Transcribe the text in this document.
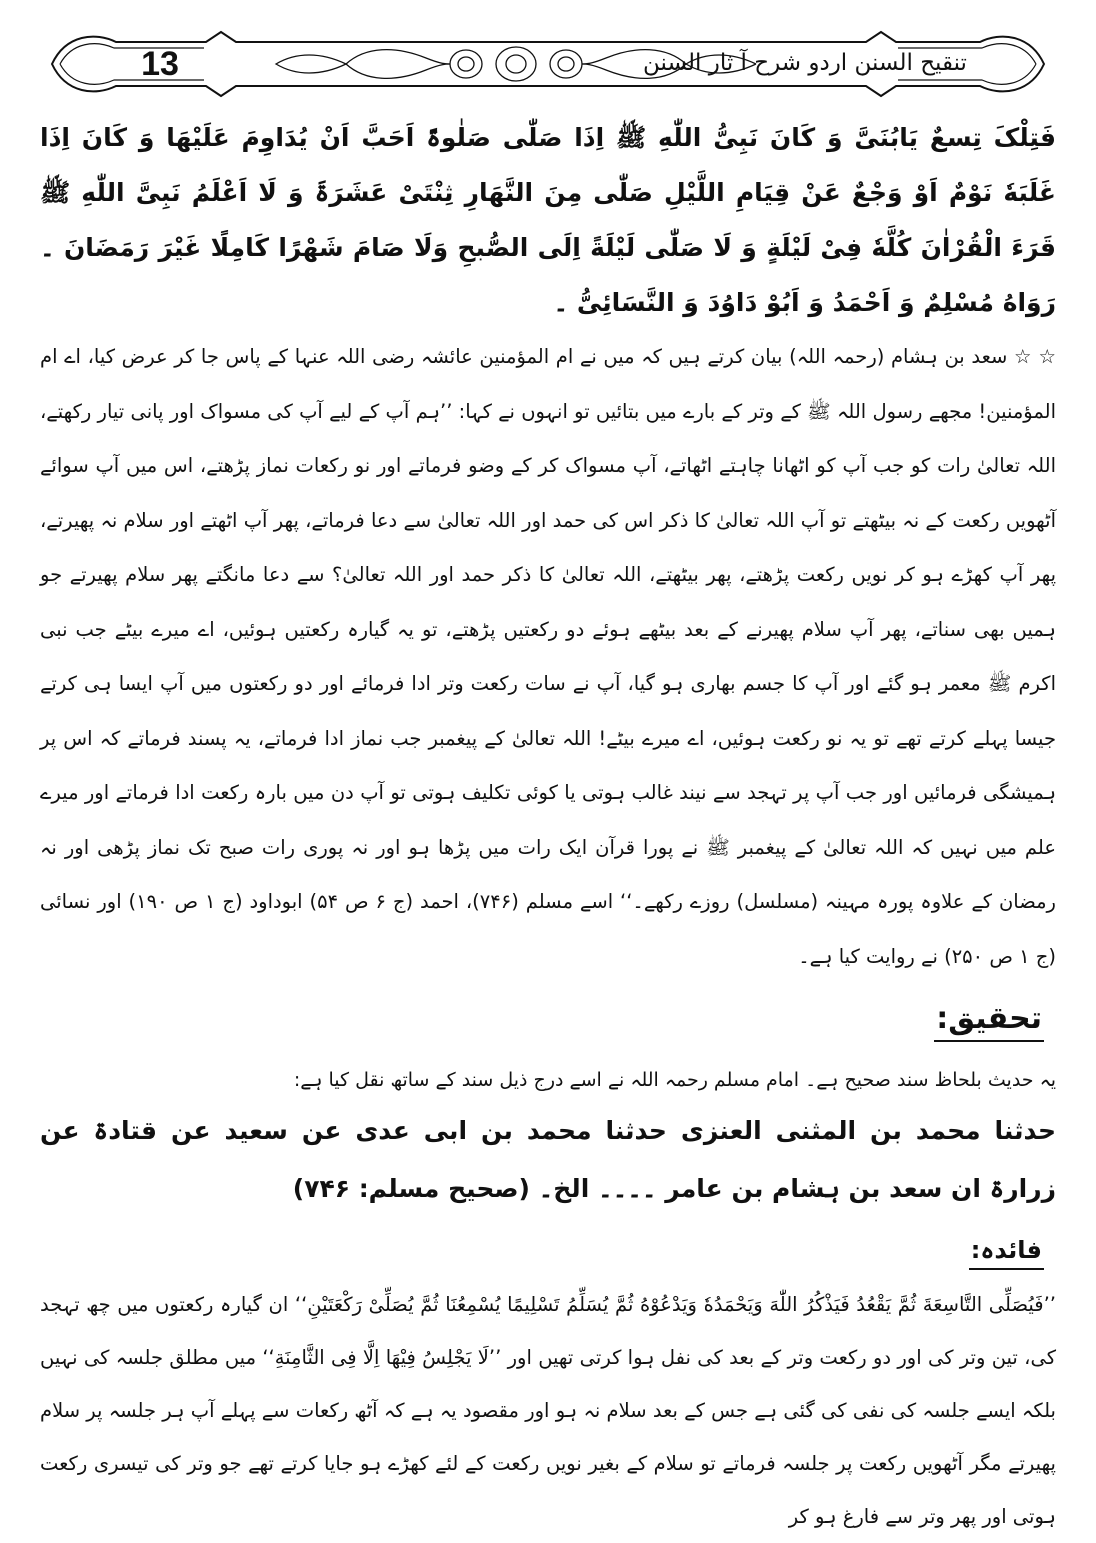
13	تنقیح السنن اردو شرح آ ثار السنن

فَتِلْکَ تِسعٌ یَابُنَیَّ وَ کَانَ نَبِیُّ اللّٰهِ ﷺ اِذَا صَلّٰی صَلٰوۃً اَحَبَّ اَنْ یُدَاوِمَ عَلَیْهَا وَ کَانَ اِذَا غَلَبَهٗ نَوْمٌ اَوْ وَجْعٌ عَنْ قِیَامِ اللَّیْلِ صَلّٰی مِنَ النَّهَارِ ثِنْتَیْ عَشَرَۃَ وَ لَا اَعْلَمُ نَبِیَّ اللّٰهِ ﷺ قَرَءَ الْقُرْاٰنَ کُلَّهٗ فِیْ لَیْلَةٍ وَ لَا صَلّٰی لَیْلَةً اِلَی الصُّبحِ وَلَا صَامَ شَهْرًا کَامِلًا غَیْرَ رَمَضَانَ ۔ رَوَاهُ مُسْلِمٌ وَ اَحْمَدُ وَ اَبُوْ دَاوُدَ وَ النَّسَائِیُّ ۔

☆ ☆ سعد بن ہشام (رحمہ اللہ) بیان کرتے ہیں کہ میں نے ام المؤمنین عائشہ رضی اللہ عنہا کے پاس جا کر عرض کیا، اے ام المؤمنین! مجھے رسول اللہ ﷺ کے وتر کے بارے میں بتائیں تو انہوں نے کہا: ’’ہم آپ کے لیے آپ کی مسواک اور پانی تیار رکھتے، اللہ تعالیٰ رات کو جب آپ کو اٹھانا چاہتے اٹھاتے، آپ مسواک کر کے وضو فرماتے اور نو رکعات نماز پڑھتے، اس میں آپ سوائے آٹھویں رکعت کے نہ بیٹھتے تو آپ اللہ تعالیٰ کا ذکر اس کی حمد اور اللہ تعالیٰ سے دعا فرماتے، پھر آپ اٹھتے اور سلام نہ پھیرتے، پھر آپ کھڑے ہو کر نویں رکعت پڑھتے، پھر بیٹھتے، اللہ تعالیٰ کا ذکر حمد اور اللہ تعالیٰ؟ سے دعا مانگتے پھر سلام پھیرتے جو ہمیں بھی سناتے، پھر آپ سلام پھیرنے کے بعد بیٹھے ہوئے دو رکعتیں پڑھتے، تو یہ گیارہ رکعتیں ہوئیں، اے میرے بیٹے جب نبی اکرم ﷺ معمر ہو گئے اور آپ کا جسم بھاری ہو گیا، آپ نے سات رکعت وتر ادا فرمائے اور دو رکعتوں میں آپ ایسا ہی کرتے جیسا پہلے کرتے تھے تو یہ نو رکعت ہوئیں، اے میرے بیٹے! اللہ تعالیٰ کے پیغمبر جب نماز ادا فرماتے، یہ پسند فرماتے کہ اس پر ہمیشگی فرمائیں اور جب آپ پر تہجد سے نیند غالب ہوتی یا کوئی تکلیف ہوتی تو آپ دن میں بارہ رکعت ادا فرماتے اور میرے علم میں نہیں کہ اللہ تعالیٰ کے پیغمبر ﷺ نے پورا قرآن ایک رات میں پڑھا ہو اور نہ پوری رات صبح تک نماز پڑھی اور نہ رمضان کے علاوہ پورہ مہینہ (مسلسل) روزے رکھے۔‘‘ اسے مسلم (۷۴۶)، احمد (ج ۶ ص ۵۴) ابوداود (ج ۱ ص ۱۹۰) اور نسائی (ج ۱ ص ۲۵۰) نے روایت کیا ہے۔

تحقیق:

یہ حدیث بلحاظ سند صحیح ہے۔ امام مسلم رحمہ اللہ نے اسے درج ذیل سند کے ساتھ نقل کیا ہے:

حدثنا محمد بن المثنی العنزی حدثنا محمد بن ابی عدی عن سعید عن قتادۃ عن زرارۃ ان سعد بن ہشام بن عامر ۔۔۔۔ الخ۔ (صحیح مسلم: ۷۴۶)

فائدہ:

’’فَیُصَلِّی التَّاسِعَةَ ثُمَّ یَقْعُدُ فَیَذْکُرُ اللّٰهَ وَیَحْمَدُهٗ وَیَدْعُوْهُ ثُمَّ یُسَلِّمُ تَسْلِیمًا یُسْمِعُنَا ثُمَّ یُصَلِّیْ رَکْعَتَیْنِ‘‘ ان گیارہ رکعتوں میں چھ تہجد کی، تین وتر کی اور دو رکعت وتر کے بعد کی نفل ہوا کرتی تھیں اور ’’لَا یَجْلِسُ فِیْهَا اِلَّا فِی الثَّامِنَةِ‘‘ میں مطلق جلسہ کی نہیں بلکہ ایسے جلسہ کی نفی کی گئی ہے جس کے بعد سلام نہ ہو اور مقصود یہ ہے کہ آٹھ رکعات سے پہلے آپ ہر جلسہ پر سلام پھیرتے مگر آٹھویں رکعت پر جلسہ فرماتے تو سلام کے بغیر نویں رکعت کے لئے کھڑے ہو جایا کرتے تھے جو وتر کی تیسری رکعت ہوتی اور پھر وتر سے فارغ ہو کر
